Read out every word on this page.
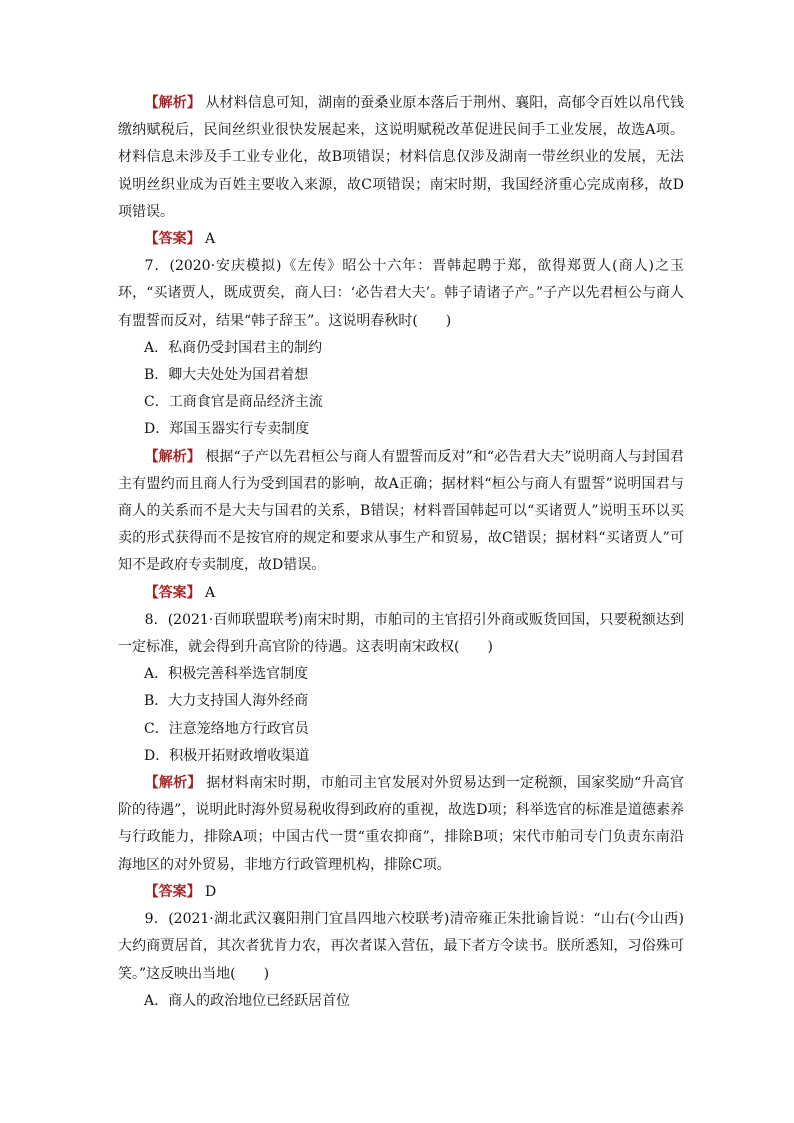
【解析】 从材料信息可知，湖南的蚕桑业原本落后于荆州、襄阳，高郁令百姓以帛代钱缴纳赋税后，民间丝织业很快发展起来，这说明赋税改革促进民间手工业发展，故选A项。材料信息未涉及手工业专业化，故B项错误；材料信息仅涉及湖南一带丝织业的发展，无法说明丝织业成为百姓主要收入来源，故C项错误；南宋时期，我国经济重心完成南移，故D项错误。

【答案】 A

7．(2020·安庆模拟)《左传》昭公十六年：晋韩起聘于郑，欲得郑贾人(商人)之玉环，“买诸贾人，既成贾矣，商人曰：‘必告君大夫’。韩子请诸子产。”子产以先君桓公与商人有盟誓而反对，结果“韩子辞玉”。这说明春秋时(　　)

A．私商仍受封国君主的制约

B．卿大夫处处为国君着想

C．工商食官是商品经济主流

D．郑国玉器实行专卖制度

【解析】 根据“子产以先君桓公与商人有盟誓而反对”和“必告君大夫”说明商人与封国君主有盟约而且商人行为受到国君的影响，故A正确；据材料“桓公与商人有盟誓”说明国君与商人的关系而不是大夫与国君的关系，B错误；材料晋国韩起可以“买诸贾人”说明玉环以买卖的形式获得而不是按官府的规定和要求从事生产和贸易，故C错误；据材料“买诸贾人”可知不是政府专卖制度，故D错误。

【答案】 A

8．(2021·百师联盟联考)南宋时期，市舶司的主官招引外商或贩货回国，只要税额达到一定标准，就会得到升高官阶的待遇。这表明南宋政权(　　)

A．积极完善科举选官制度

B．大力支持国人海外经商

C．注意笼络地方行政官员

D．积极开拓财政增收渠道

【解析】 据材料南宋时期，市舶司主官发展对外贸易达到一定税额，国家奖励“升高官阶的待遇”，说明此时海外贸易税收得到政府的重视，故选D项；科举选官的标准是道德素养与行政能力，排除A项；中国古代一贯“重农抑商”，排除B项；宋代市舶司专门负责东南沿海地区的对外贸易，非地方行政管理机构，排除C项。

【答案】 D

9．(2021·湖北武汉襄阳荆门宜昌四地六校联考)清帝雍正朱批谕旨说：“山右(今山西)大约商贾居首，其次者犹肯力农，再次者谋入营伍，最下者方令读书。朕所悉知，习俗殊可笑。”这反映出当地(　　)

A．商人的政治地位已经跃居首位
